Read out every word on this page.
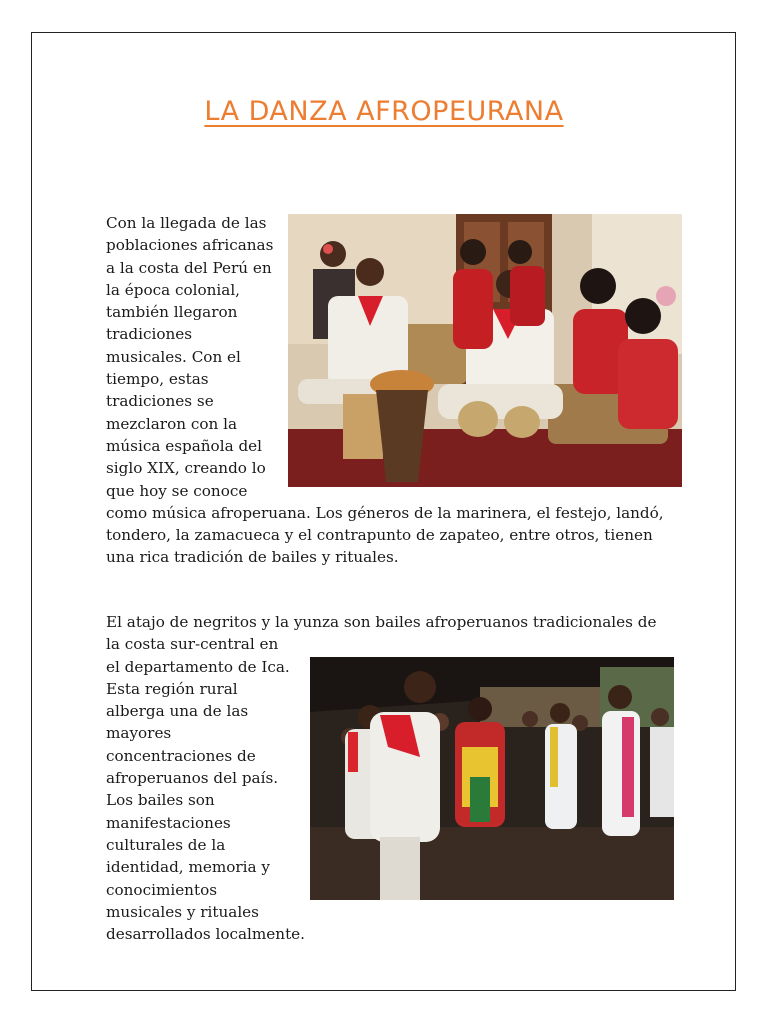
LA DANZA AFROPEURANA

Con la llegada de las poblaciones africanas a la costa del Perú en la época colonial, también llegaron tradiciones musicales. Con el tiempo, estas tradiciones se mezclaron con la música española del siglo XIX, creando lo que hoy se conoce como música afroperuana. Los géneros de la marinera, el festejo, landó, tondero, la zamacueca y el contrapunto de zapateo, entre otros, tienen una rica tradición de bailes y rituales.

El atajo de negritos y la yunza son bailes afroperuanos tradicionales de la costa sur-central en el departamento de Ica. Esta región rural alberga una de las mayores concentraciones de afroperuanos del país. Los bailes son manifestaciones culturales de la identidad, memoria y conocimientos musicales y rituales desarrollados localmente.
